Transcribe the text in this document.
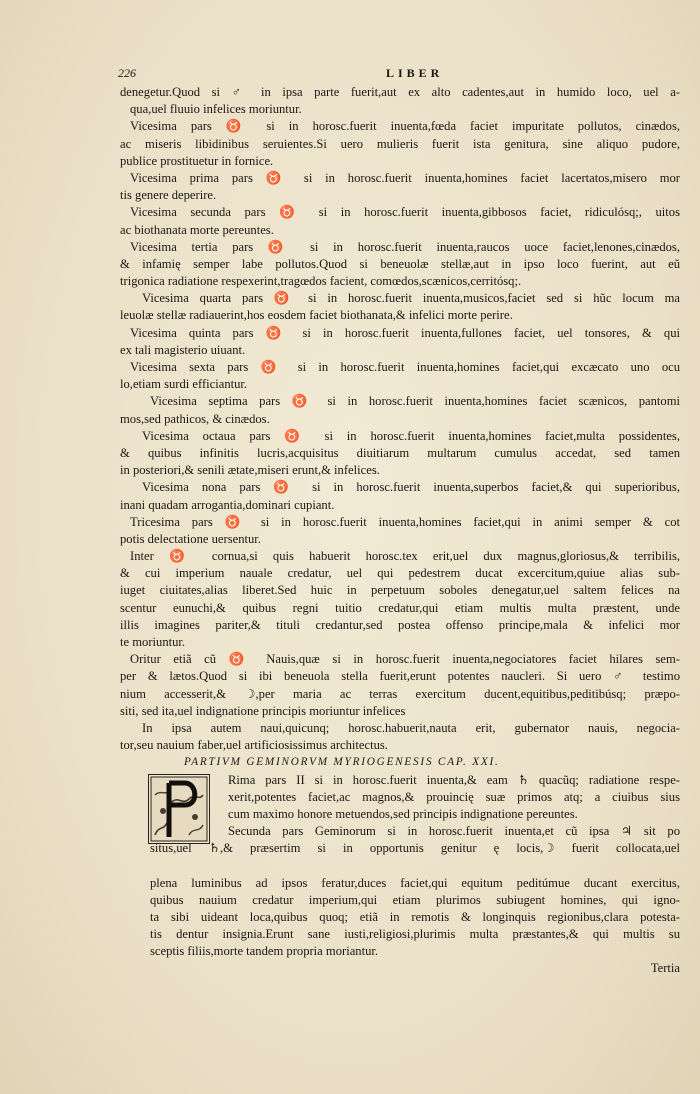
226	LIBER
denegetur.Quod si ♂ in ipsa parte fuerit,aut ex alto cadentes,aut in humido loco, uel a-
qua,uel fluuio infelices moriuntur.
Vicesima pars ♉ si in horosc.fuerit inuenta,fœda faciet impuritate pollutos, cinædos,
ac miseris libidinibus seruientes.Si uero mulieris fuerit ista genitura, sine aliquo pudore,
publice prostituetur in fornice.
Vicesima prima pars ♉ si in horosc.fuerit inuenta,homines faciet lacertatos,misero mor
tis genere deperire.
Vicesima secunda pars ♉ si in horosc.fuerit inuenta,gibbosos faciet, ridiculósq;, uitos
ac biothanata morte pereuntes.
Vicesima tertia pars ♉ si in horosc.fuerit inuenta,raucos uoce faciet,lenones,cinædos,
& infamię semper labe pollutos.Quod si beneuolæ stellæ,aut in ipso loco fuerint, aut eũ
trigonica radiatione respexerint,tragœdos facient, comœdos,scænicos,cerritósq;.
Vicesima quarta pars ♉ si in horosc.fuerit inuenta,musicos,faciet sed si hũc locum ma
leuolæ stellæ radiauerint,hos eosdem faciet biothanata,& infelici morte perire.
Vicesima quinta pars ♉ si in horosc.fuerit inuenta,fullones faciet, uel tonsores, & qui
ex tali magisterio uiuant.
Vicesima sexta pars ♉ si in horosc.fuerit inuenta,homines faciet,qui excæcato uno ocu
lo,etiam surdi efficiantur.
Vicesima septima pars ♉ si in horosc.fuerit inuenta,homines faciet scænicos, pantomi
mos,sed pathicos, & cinædos.
Vicesima octaua pars ♉ si in horosc.fuerit inuenta,homines faciet,multa possidentes,
& quibus infinitis lucris,acquisitus diuitiarum multarum cumulus accedat, sed tamen
in posteriori,& senili ætate,miseri erunt,& infelices.
Vicesima nona pars ♉ si in horosc.fuerit inuenta,superbos faciet,& qui superioribus,
inani quadam arrogantia,dominari cupiant.
Tricesima pars ♉ si in horosc.fuerit inuenta,homines faciet,qui in animi semper & cot
potis delectatione uersentur.
Inter ♉ cornua,si quis habuerit horosc.tex erit,uel dux magnus,gloriosus,& terribilis,
& cui imperium nauale credatur, uel qui pedestrem ducat excercitum,quiue alias sub-
iuget ciuitates,alias liberet.Sed huic in perpetuum soboles denegatur,uel saltem felices na
scentur eunuchi,& quibus regni tuitio credatur,qui etiam multis multa præstent, unde
illis imagines pariter,& tituli credantur,sed postea offenso principe,mala & infelici mor
te moriuntur.
Oritur etiã cũ ♉ Nauis,quæ si in horosc.fuerit inuenta,negociatores faciet hilares sem-
per & lætos.Quod si ibi beneuola stella fuerit,erunt potentes naucleri. Si uero ♂ testimo
nium accesserit,& ☽,per maria ac terras exercitum ducent,equitibus,peditibúsq; præpo-
siti, sed ita,uel indignatione principis moriuntur infelices
In ipsa autem naui,quicunq; horosc.habuerit,nauta erit, gubernator nauis, negocia-
tor,seu nauium faber,uel artificiosissimus architectus.
PARTIVM GEMINORVM MYRIOGENESIS CAP. XXI.
Rima pars II si in horosc.fuerit inuenta,& eam ♄ quacũq; radiatione respe-
xerit,potentes faciet,ac magnos,& prouincię suæ primos atq; a ciuibus sius
cum maximo honore metuendos,sed principis indignatione pereuntes.
Secunda pars Geminorum si in horosc.fuerit inuenta,et cũ ipsa ♃ sit po
situs,uel ♄,& præsertim si in opportunis genitur ę locis,☽ fuerit collocata,uel
plena luminibus ad ipsos feratur,duces faciet,qui equitum peditúmue ducant exercitus,
quibus nauium credatur imperium,qui etiam plurimos subiugent homines, qui igno-
ta sibi uideant loca,quibus quoq; etiã in remotis & longinquis regionibus,clara potesta-
tis dentur insignia.Erunt sane iusti,religiosi,plurimis multa præstantes,& qui multis su
sceptis filiis,morte tandem propria moriantur.
Tertia
